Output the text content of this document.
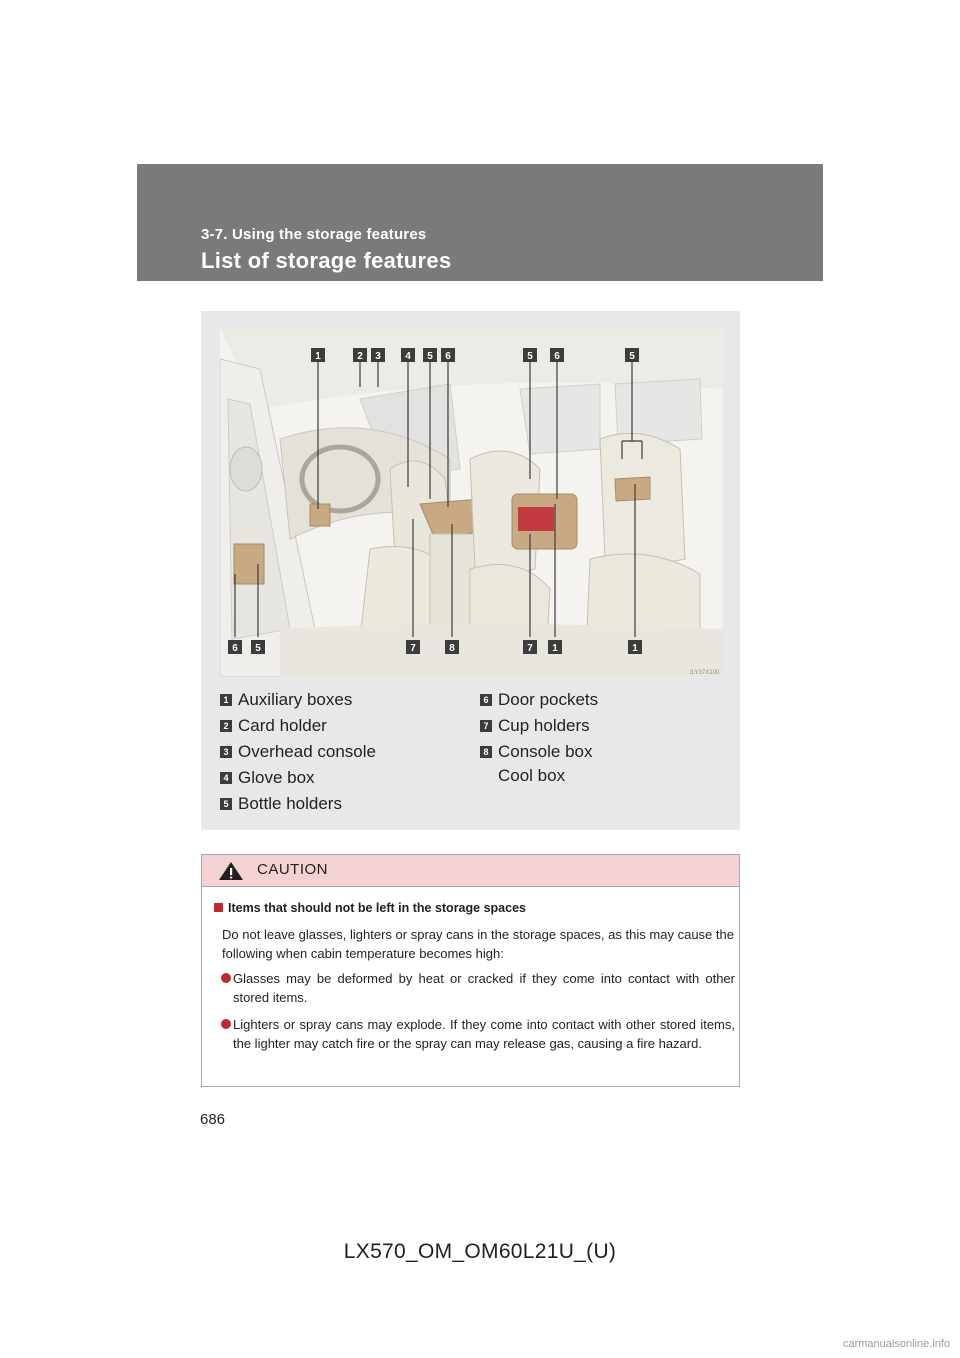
3-7. Using the storage features
List of storage features
1	2 3 4 5 6	5 6	5
6 5	7	8	7 1	1
ILY37X100
1 Auxiliary boxes
2 Card holder
3 Overhead console
4 Glove box
5 Bottle holders
6 Door pockets
7 Cup holders
8 Console box
Cool box
CAUTION
Items that should not be left in the storage spaces
Do not leave glasses, lighters or spray cans in the storage spaces, as this may cause the following when cabin temperature becomes high:
Glasses may be deformed by heat or cracked if they come into contact with other stored items.
Lighters or spray cans may explode. If they come into contact with other stored items, the lighter may catch fire or the spray can may release gas, causing a fire hazard.
686
LX570_OM_OM60L21U_(U)
carmanualsonline.info
